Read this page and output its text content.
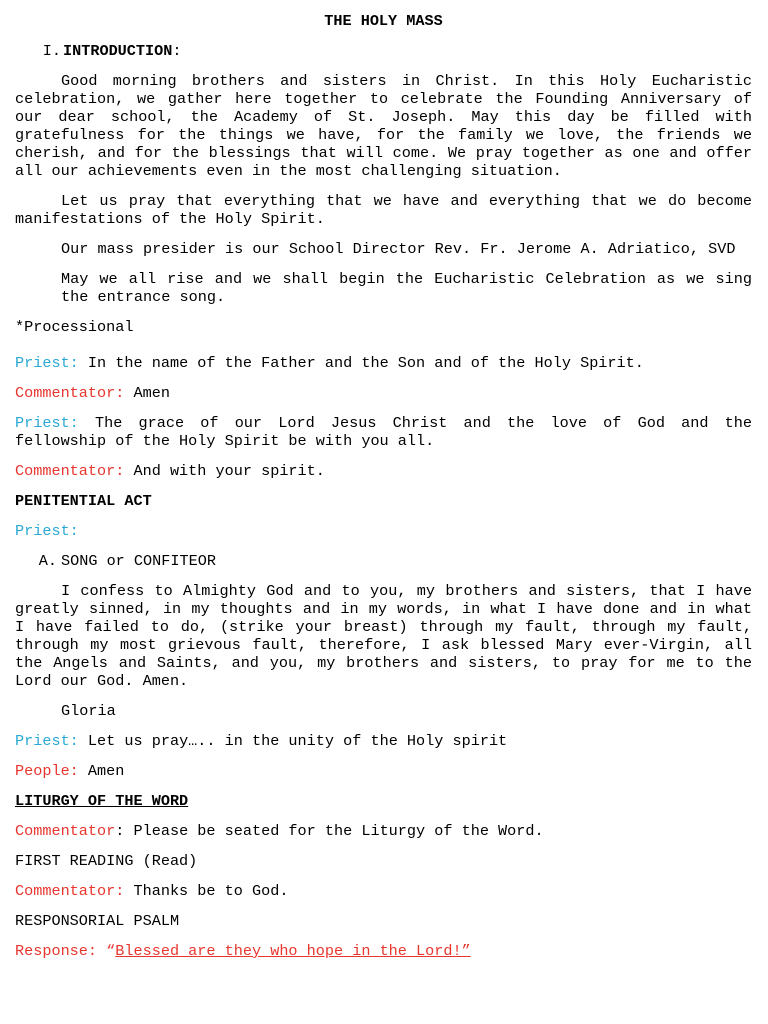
THE HOLY MASS

I. INTRODUCTION :

Good morning brothers and sisters in Christ. In this Holy Eucharistic celebration, we gather here together to celebrate the Founding Anniversary of our dear school, the Academy of St. Joseph. May this day be filled with gratefulness for the things we have, for the family we love, the friends we cherish, and for the blessings that will come. We pray together as one and offer all our achievements even in the most challenging situation.

Let us pray that everything that we have and everything that we do become manifestations of the Holy Spirit.

Our mass presider is our School Director Rev. Fr. Jerome A. Adriatico, SVD

May we all rise and we shall begin the Eucharistic Celebration as we sing the entrance song.

*Processional

Priest: In the name of the Father and the Son and of the Holy Spirit.

Commentator: Amen

Priest: The grace of our Lord Jesus Christ and the love of God and the fellowship of the Holy Spirit be with you all.

Commentator: And with your spirit.

PENITENTIAL ACT

Priest:

A. SONG or CONFITEOR

I confess to Almighty God and to you, my brothers and sisters, that I have greatly sinned, in my thoughts and in my words, in what I have done and in what I have failed to do, (strike your breast) through my fault, through my fault, through my most grievous fault, therefore, I ask blessed Mary ever-Virgin, all the Angels and Saints, and you, my brothers and sisters, to pray for me to the Lord our God. Amen.

Gloria

Priest: Let us pray….. in the unity of the Holy spirit

People: Amen

LITURGY OF THE WORD

Commentator: Please be seated for the Liturgy of the Word.

FIRST READING (Read)

Commentator: Thanks be to God.

RESPONSORIAL PSALM

Response: “Blessed are they who hope in the Lord!”
